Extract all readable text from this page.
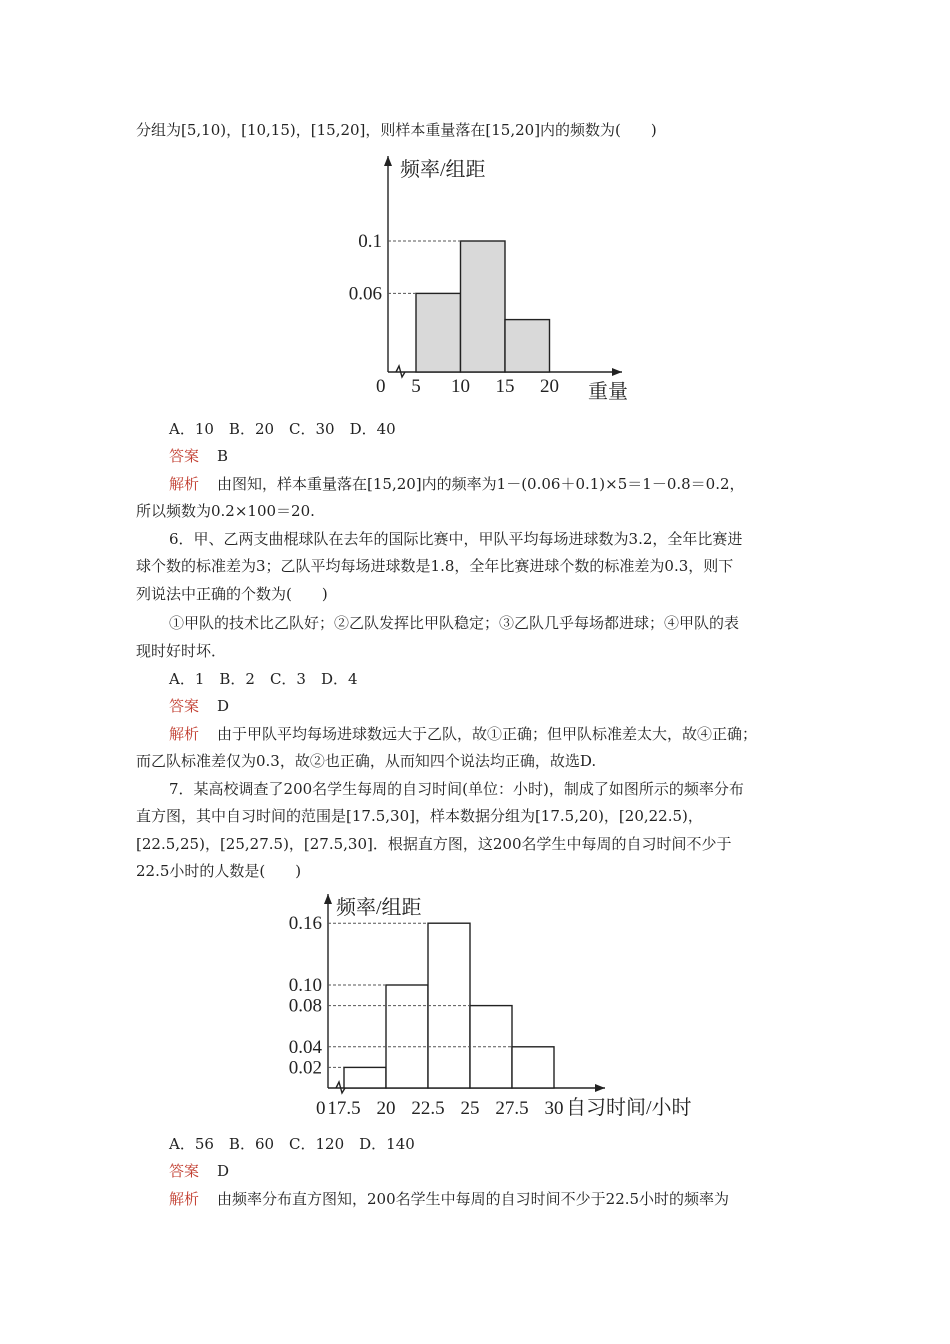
分组为[5,10)，[10,15)，[15,20]，则样本重量落在[15,20]内的频数为(　　)
频率/组距
重量
0
0.1
0.06
5 10 15 20
A．10　B．20　C．30　D．40
答案 B
解析 由图知，样本重量落在[15,20]内的频率为1－(0.06＋0.1)×5＝1－0.8＝0.2，
所以频数为0.2×100＝20.
6．甲、乙两支曲棍球队在去年的国际比赛中，甲队平均每场进球数为3.2，全年比赛进
球个数的标准差为3；乙队平均每场进球数是1.8，全年比赛进球个数的标准差为0.3，则下
列说法中正确的个数为(　　)
①甲队的技术比乙队好；②乙队发挥比甲队稳定；③乙队几乎每场都进球；④甲队的表
现时好时坏．
A．1　B．2　C．3　D．4
答案 D
解析 由于甲队平均每场进球数远大于乙队，故①正确；但甲队标准差太大，故④正确；
而乙队标准差仅为0.3，故②也正确，从而知四个说法均正确，故选D.
7．某高校调查了200名学生每周的自习时间(单位：小时)，制成了如图所示的频率分布
直方图，其中自习时间的范围是[17.5,30]，样本数据分组为[17.5,20)，[20,22.5)，
[22.5,25)，[25,27.5)，[27.5,30]．根据直方图，这200名学生中每周的自习时间不少于
22.5小时的人数是(　　)
频率/组距
自习时间/小时
0
0.16
0.10
0.08
0.04
0.02
17.5 20 22.5 25 27.5 30
A．56　B．60　C．120　D．140
答案 D
解析 由频率分布直方图知，200名学生中每周的自习时间不少于22.5小时的频率为
